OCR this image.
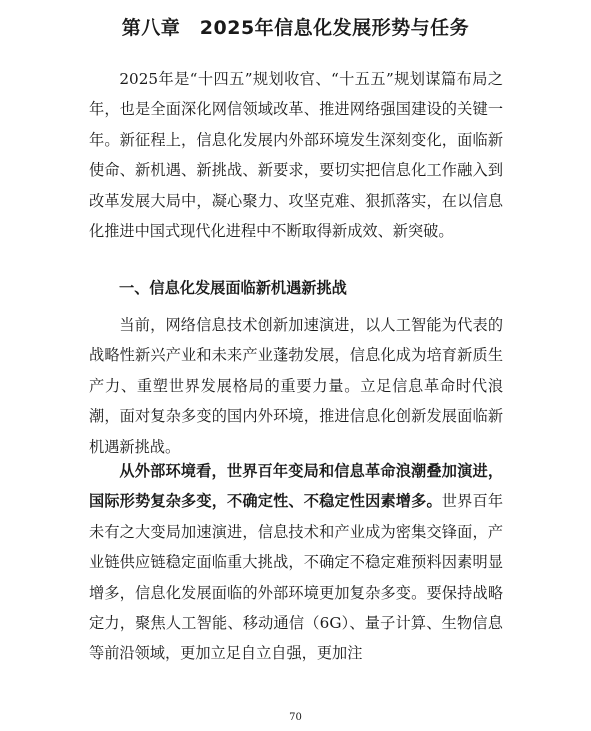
第八章　2025年信息化发展形势与任务

2025年是“十四五”规划收官、“十五五”规划谋篇布局之年，也是全面深化网信领域改革、推进网络强国建设的关键一年。新征程上，信息化发展内外部环境发生深刻变化，面临新使命、新机遇、新挑战、新要求，要切实把信息化工作融入到改革发展大局中，凝心聚力、攻坚克难、狠抓落实，在以信息化推进中国式现代化进程中不断取得新成效、新突破。

一、信息化发展面临新机遇新挑战

当前，网络信息技术创新加速演进，以人工智能为代表的战略性新兴产业和未来产业蓬勃发展，信息化成为培育新质生产力、重塑世界发展格局的重要力量。立足信息革命时代浪潮，面对复杂多变的国内外环境，推进信息化创新发展面临新机遇新挑战。

从外部环境看，世界百年变局和信息革命浪潮叠加演进，国际形势复杂多变，不确定性、不稳定性因素增多。世界百年未有之大变局加速演进，信息技术和产业成为密集交锋面，产业链供应链稳定面临重大挑战，不确定不稳定难预料因素明显增多，信息化发展面临的外部环境更加复杂多变。要保持战略定力，聚焦人工智能、移动通信（6G）、量子计算、生物信息等前沿领域，更加立足自立自强，更加注

70
